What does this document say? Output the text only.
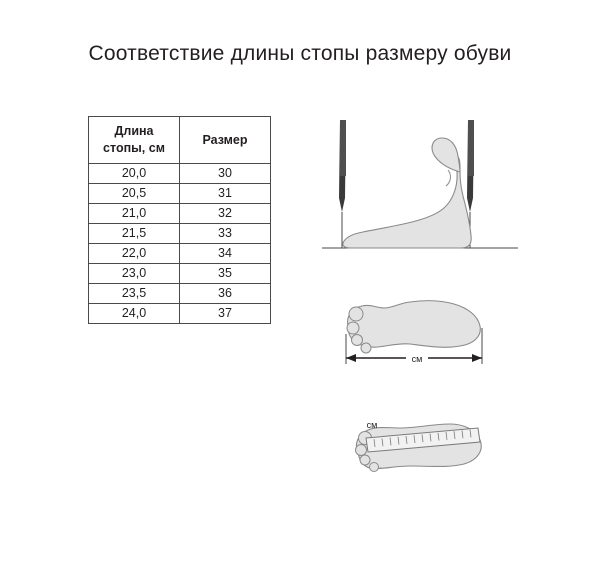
Соответствие длины стопы размеру обуви
Длина
стопы, см	Размер
20,0	30
20,5	31
21,0	32
21,5	33
22,0	34
23,0	35
23,5	36
24,0	37
см
см
